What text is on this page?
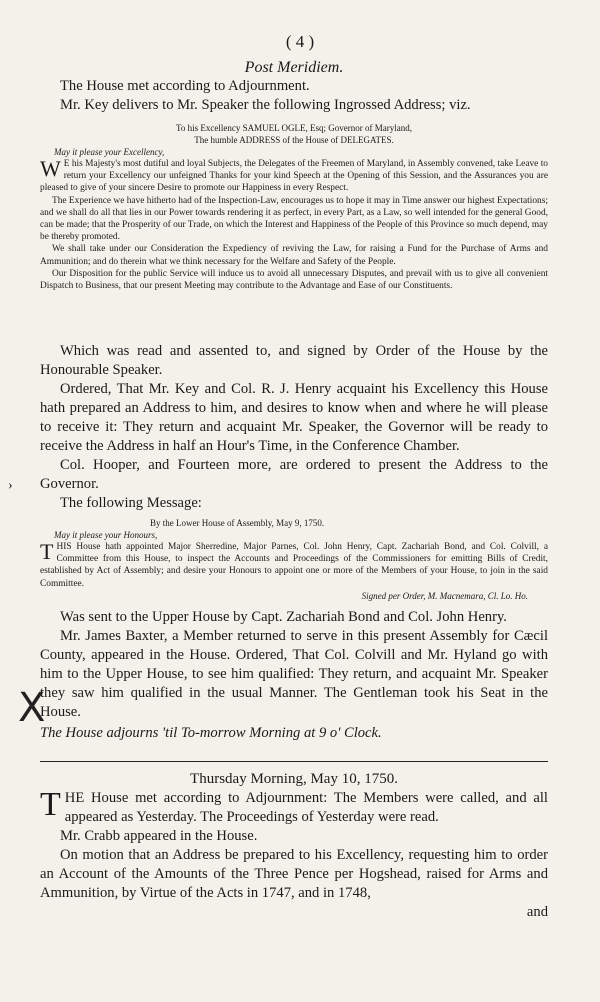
( 4 )

Post Meridiem.

The House met according to Adjournment.

Mr. Key delivers to Mr. Speaker the following Ingrossed Address; viz.

To his Excellency SAMUEL OGLE, Esq; Governor of Maryland,

The humble ADDRESS of the House of DELEGATES.

May it please your Excellency,

W E his Majesty's most dutiful and loyal Subjects, the Delegates of the Freemen of Maryland, in Assembly convened, take Leave to return your Excellency our unfeigned Thanks for your kind Speech at the Opening of this Session, and the Assurances you are pleased to give of your sincere Desire to promote our Happiness in every Respect.
The Experience we have hitherto had of the Inspection-Law, encourages us to hope it may in Time answer our highest Expectations; and we shall do all that lies in our Power towards rendering it as perfect, in every Part, as a Law, so well intended for the general Good, can be made; that the Prosperity of our Trade, on which the Interest and Happiness of the People of this Province so much depend, may be thereby promoted.
We shall take under our Consideration the Expediency of reviving the Law, for raising a Fund for the Purchase of Arms and Ammunition; and do therein what we think necessary for the Welfare and Safety of the People.
Our Disposition for the public Service will induce us to avoid all unnecessary Disputes, and prevail with us to give all convenient Dispatch to Business, that our present Meeting may contribute to the Advantage and Ease of our Constituents.

Which was read and assented to, and signed by Order of the House by the Honourable Speaker.

Ordered, That Mr. Key and Col. R. J. Henry acquaint his Excellency this House hath prepared an Address to him, and desires to know when and where he will please to receive it: They return and acquaint Mr. Speaker, the Governor will be ready to receive the Address in half an Hour's Time, in the Conference Chamber.

Col. Hooper, and Fourteen more, are ordered to present the Address to the Governor.

The following Message:

By the Lower House of Assembly, May 9, 1750.

May it please your Honours,

THIS House hath appointed Major Sherredine, Major Parnes, Col. John Henry, Capt. Zachariah Bond, and Col. Colvill, a Committee from this House, to inspect the Accounts and Proceedings of the Commissioners for emitting Bills of Credit, established by Act of Assembly; and desire your Honours to appoint one or more of the Members of your House, to join in the said Committee.

Signed per Order, M. Macnemara, Cl. Lo. Ho.

Was sent to the Upper House by Capt. Zachariah Bond and Col. John Henry.

Mr. James Baxter, a Member returned to serve in this present Assembly for Cæcil County, appeared in the House. Ordered, That Col. Colvill and Mr. Hyland go with him to the Upper House, to see him qualified: They return, and acquaint Mr. Speaker they saw him qualified in the usual Manner. The Gentleman took his Seat in the House.

The House adjourns 'til To-morrow Morning at 9 o' Clock.

Thursday Morning, May 10, 1750.

THE House met according to Adjournment: The Members were called, and all appeared as Yesterday. The Proceedings of Yesterday were read.

Mr. Crabb appeared in the House.

On motion that an Address be prepared to his Excellency, requesting him to order an Account of the Amounts of the Three Pence per Hogshead, raised for Arms and Ammunition, by Virtue of the Acts in 1747, and in 1748,

and

X
›
